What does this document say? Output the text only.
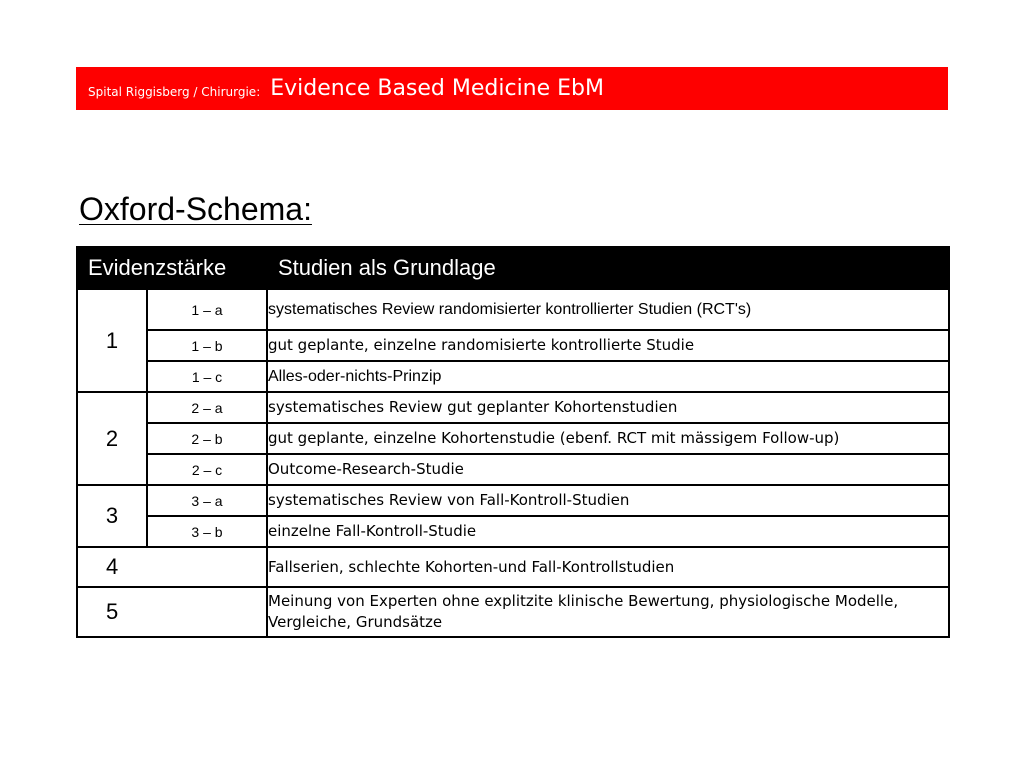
Spital Riggisberg / Chirurgie: Evidence Based Medicine EbM
Oxford-Schema:
Evidenzstärke		Studien als Grundlage
1	1 – a	systematisches Review randomisierter kontrollierter Studien (RCT's)
	1 – b	gut geplante, einzelne randomisierte kontrollierte Studie
	1 – c	Alles-oder-nichts-Prinzip
2	2 – a	systematisches Review gut geplanter Kohortenstudien
	2 – b	gut geplante, einzelne Kohortenstudie (ebenf. RCT mit mässigem Follow-up)
	2 – c	Outcome-Research-Studie
3	3 – a	systematisches Review von Fall-Kontroll-Studien
	3 – b	einzelne Fall-Kontroll-Studie
4		Fallserien, schlechte Kohorten-und Fall-Kontrollstudien
5		Meinung von Experten ohne explitzite klinische Bewertung, physiologische Modelle, Vergleiche, Grundsätze
